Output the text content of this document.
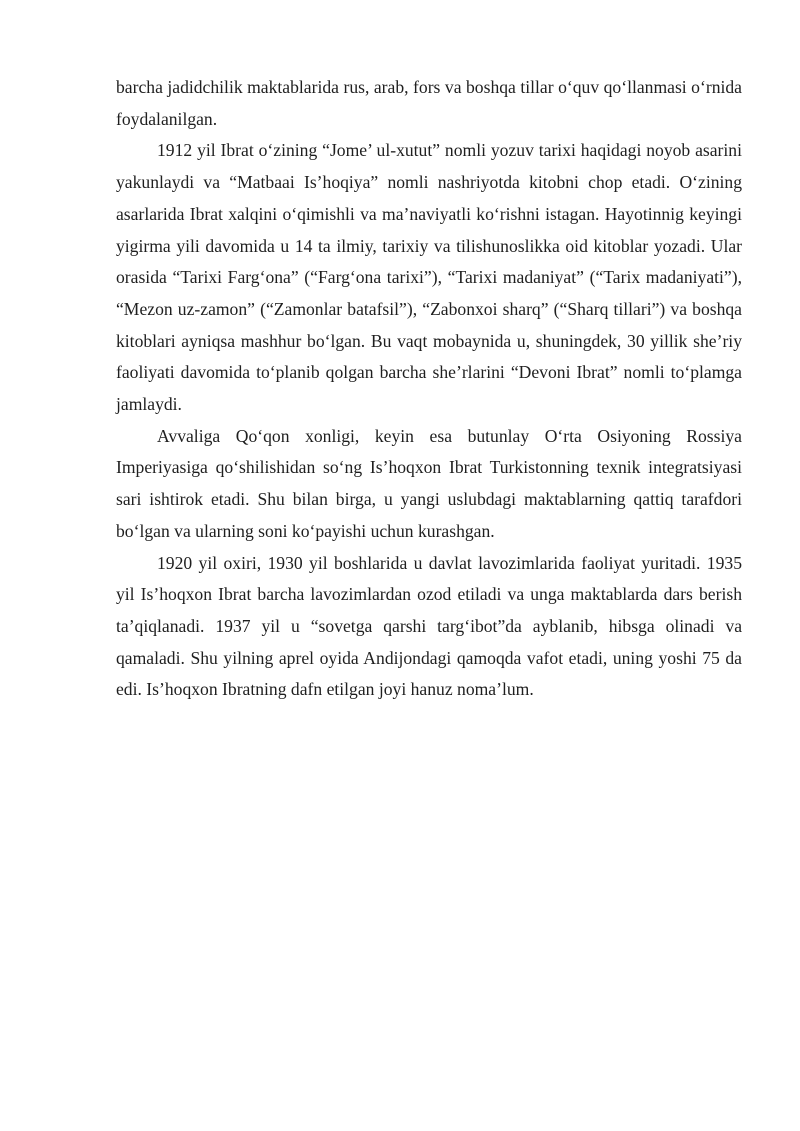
barcha jadidchilik maktablarida rus, arab, fors va boshqa tillar o‘quv qo‘llanmasi o‘rnida foydalanilgan.

1912 yil Ibrat o‘zining “Jome’ ul-xutut” nomli yozuv tarixi haqidagi noyob asarini yakunlaydi va “Matbaai Is’hoqiya” nomli nashriyotda kitobni chop etadi. O‘zining asarlarida Ibrat xalqini o‘qimishli va ma’naviyatli ko‘rishni istagan. Hayotinnig keyingi yigirma yili davomida u 14 ta ilmiy, tarixiy va tilishunoslikka oid kitoblar yozadi. Ular orasida “Tarixi Farg‘ona” (“Farg‘ona tarixi”), “Tarixi madaniyat” (“Tarix madaniyati”), “Mezon uz-zamon” (“Zamonlar batafsil”), “Zabonxoi sharq” (“Sharq tillari”) va boshqa kitoblari ayniqsa mashhur bo‘lgan. Bu vaqt mobaynida u, shuningdek, 30 yillik she’riy faoliyati davomida to‘planib qolgan barcha she’rlarini “Devoni Ibrat” nomli to‘plamga jamlaydi.

Avvaliga Qo‘qon xonligi, keyin esa butunlay O‘rta Osiyoning Rossiya Imperiyasiga qo‘shilishidan so‘ng Is’hoqxon Ibrat Turkistonning texnik integratsiyasi sari ishtirok etadi. Shu bilan birga, u yangi uslubdagi maktablarning qattiq tarafdori bo‘lgan va ularning soni ko‘payishi uchun kurashgan.

1920 yil oxiri, 1930 yil boshlarida u davlat lavozimlarida faoliyat yuritadi. 1935 yil Is’hoqxon Ibrat barcha lavozimlardan ozod etiladi va unga maktablarda dars berish ta’qiqlanadi. 1937 yil u “sovetga qarshi targ‘ibot”da ayblanib, hibsga olinadi va qamaladi. Shu yilning aprel oyida Andijondagi qamoqda vafot etadi, uning yoshi 75 da edi. Is’hoqxon Ibratning dafn etilgan joyi hanuz noma’lum.
